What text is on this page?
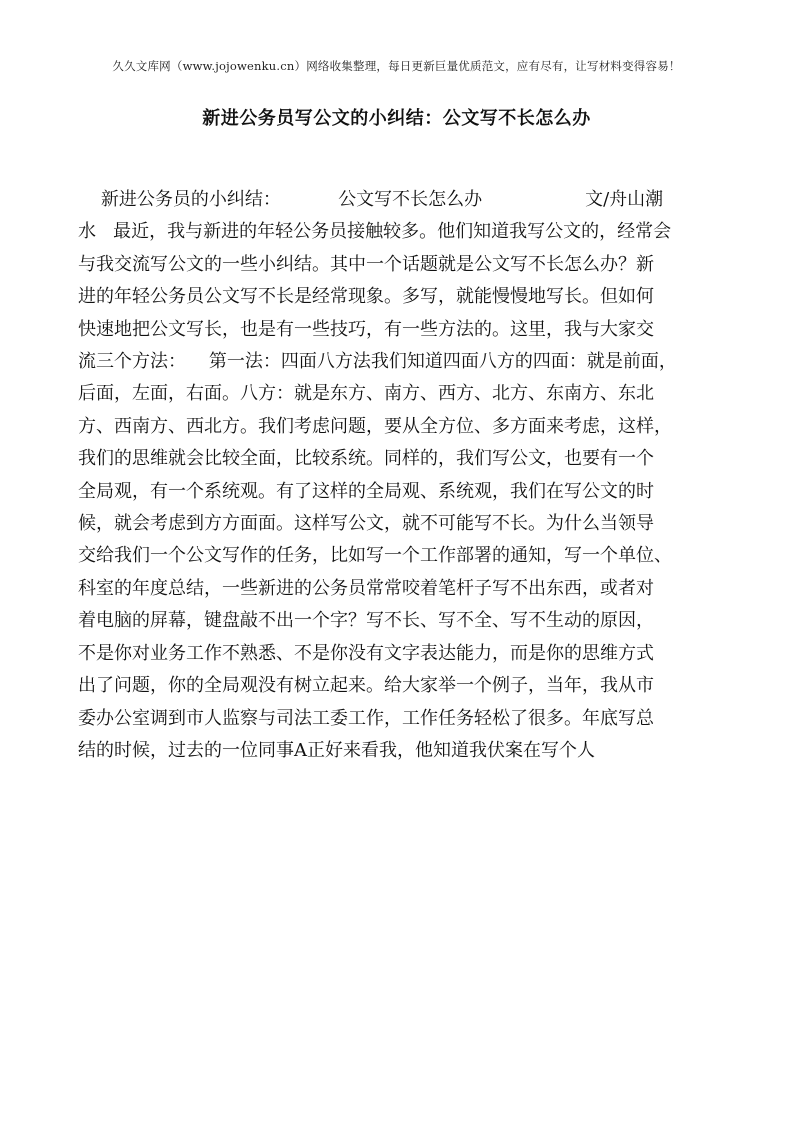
久久文库网（www.jojowenku.cn）网络收集整理，每日更新巨量优质范文，应有尽有，让写材料变得容易！
新进公务员写公文的小纠结：公文写不长怎么办

新进公务员的小纠结：          公文写不长怎么办                  文/舟山潮
水   最近，我与新进的年轻公务员接触较多。他们知道我写公文的，经常会
与我交流写公文的一些小纠结。其中一个话题就是公文写不长怎么办？新
进的年轻公务员公文写不长是经常现象。多写，就能慢慢地写长。但如何
快速地把公文写长，也是有一些技巧，有一些方法的。这里，我与大家交
流三个方法：    第一法：四面八方法我们知道四面八方的四面：就是前面，
后面，左面，右面。八方：就是东方、南方、西方、北方、东南方、东北
方、西南方、西北方。我们考虑问题，要从全方位、多方面来考虑，这样，
我们的思维就会比较全面，比较系统。同样的，我们写公文，也要有一个
全局观，有一个系统观。有了这样的全局观、系统观，我们在写公文的时
候，就会考虑到方方面面。这样写公文，就不可能写不长。为什么当领导
交给我们一个公文写作的任务，比如写一个工作部署的通知，写一个单位、
科室的年度总结，一些新进的公务员常常咬着笔杆子写不出东西，或者对
着电脑的屏幕，键盘敲不出一个字？写不长、写不全、写不生动的原因，
不是你对业务工作不熟悉、不是你没有文字表达能力，而是你的思维方式
出了问题，你的全局观没有树立起来。给大家举一个例子，当年，我从市
委办公室调到市人监察与司法工委工作，工作任务轻松了很多。年底写总
结的时候，过去的一位同事A正好来看我，他知道我伏案在写个人
